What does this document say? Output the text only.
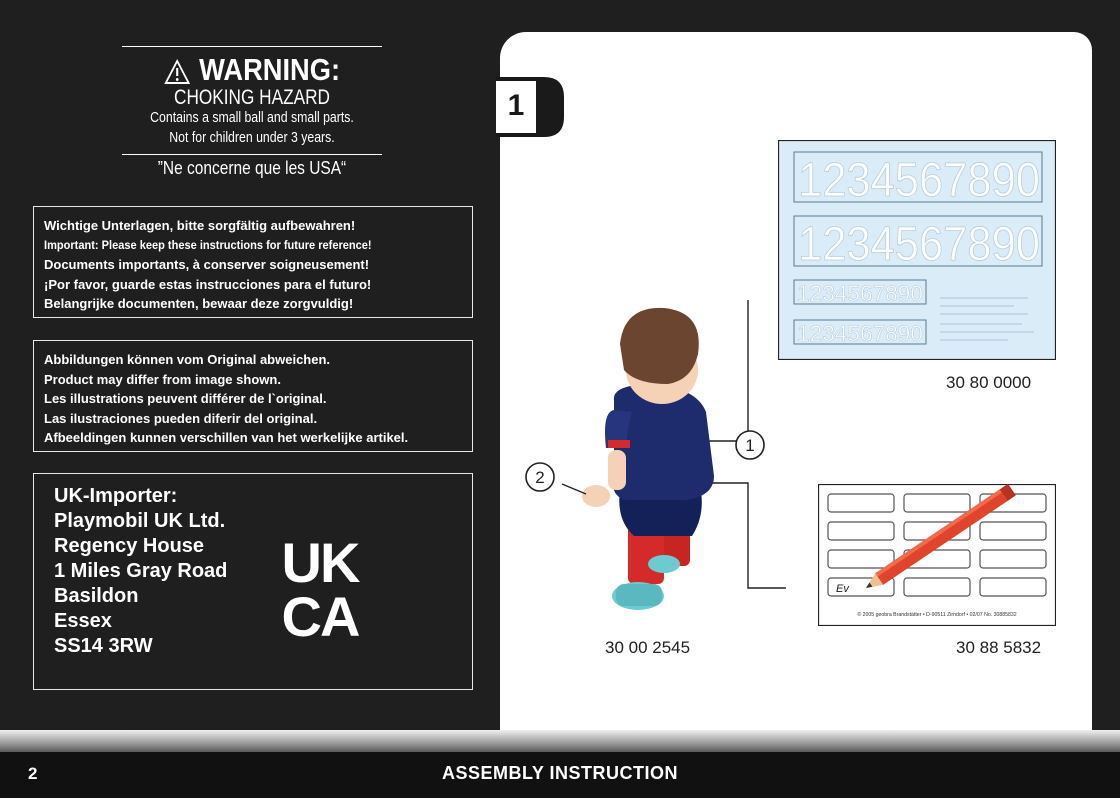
WARNING:
CHOKING HAZARD
Contains a small ball and small parts.
Not for children under 3 years.
”Ne concerne que les USA“
Wichtige Unterlagen, bitte sorgfältig aufbewahren!
Important: Please keep these instructions for future reference!
Documents importants, à conserver soigneusement!
¡Por favor, guarde estas instrucciones para el futuro!
Belangrijke documenten, bewaar deze zorgvuldig!
Abbildungen können vom Original abweichen.
Product may differ from image shown.
Les illustrations peuvent différer de l`original.
Las ilustraciones pueden diferir del original.
Afbeeldingen kunnen verschillen van het werkelijke artikel.
UK-Importer:
Playmobil UK Ltd.
Regency House
1 Miles Gray Road
Basildon
Essex
SS14 3RW
UK
CA
1
1234567890
1234567890
1234567890
1234567890
30 80 0000
Ev
© 2005 geobra Brandstätter • D-90511 Zirndorf • 02/07 No. 30885832
30 88 5832
1
2
30 00 2545
2	ASSEMBLY INSTRUCTION
